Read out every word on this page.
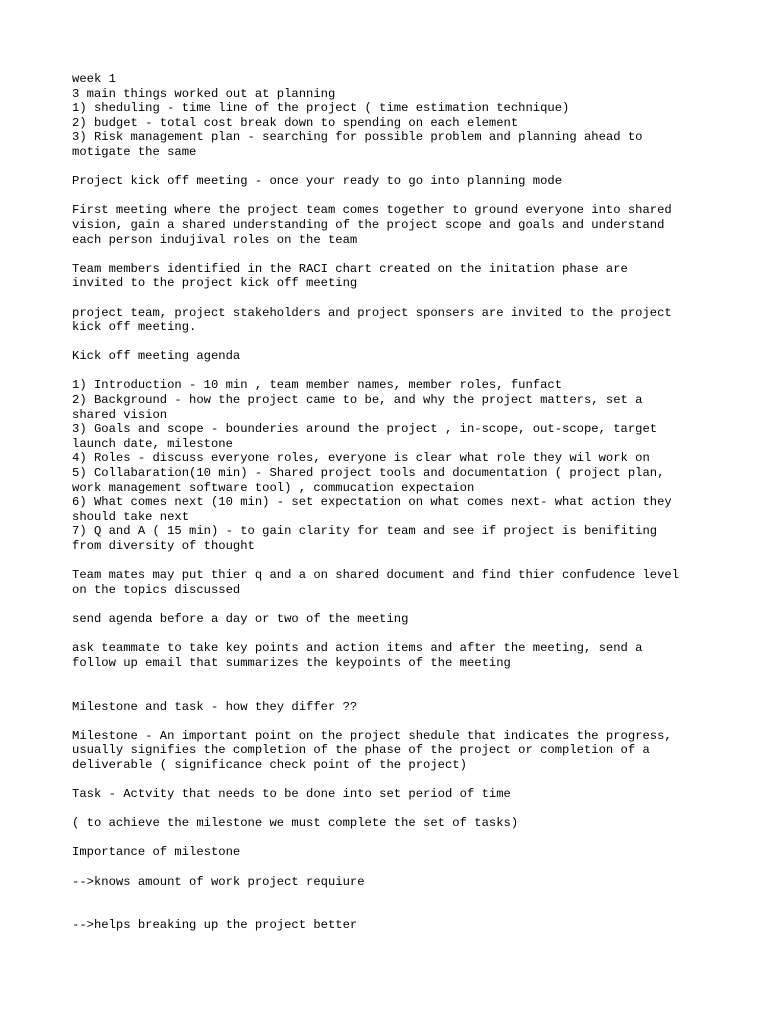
week 1
3 main things worked out at planning
1) sheduling - time line of the project ( time estimation technique)
2) budget - total cost break down to spending on each element
3) Risk management plan - searching for possible problem and planning ahead to
motigate the same
Project kick off meeting - once your ready to go into planning mode
First meeting where the project team comes together to ground everyone into shared
vision, gain a shared understanding of the project scope and goals and understand
each person indujival roles on the team
Team members identified in the RACI chart created on the initation phase are
invited to the project kick off meeting
project team, project stakeholders and project sponsers are invited to the project
kick off meeting.
Kick off meeting agenda
1) Introduction - 10 min , team member names, member roles, funfact
2) Background - how the project came to be, and why the project matters, set a
shared vision
3) Goals and scope - bounderies around the project , in-scope, out-scope, target
launch date, milestone
4) Roles - discuss everyone roles, everyone is clear what role they wil work on
5) Collabaration(10 min) - Shared project tools and documentation ( project plan,
work management software tool) , commucation expectaion
6) What comes next (10 min) - set expectation on what comes next- what action they
should take next
7) Q and A ( 15 min) - to gain clarity for team and see if project is benifiting
from diversity of thought
Team mates may put thier q and a on shared document and find thier confudence level
on the topics discussed
send agenda before a day or two of the meeting
ask teammate to take key points and action items and after the meeting, send a
follow up email that summarizes the keypoints of the meeting
Milestone and task - how they differ ??
Milestone - An important point on the project shedule that indicates the progress,
usually signifies the completion of the phase of the project or completion of a
deliverable ( significance check point of the project)
Task - Actvity that needs to be done into set period of time
( to achieve the milestone we must complete the set of tasks)
Importance of milestone
-->knows amount of work project requiure
-->helps breaking up the project better
